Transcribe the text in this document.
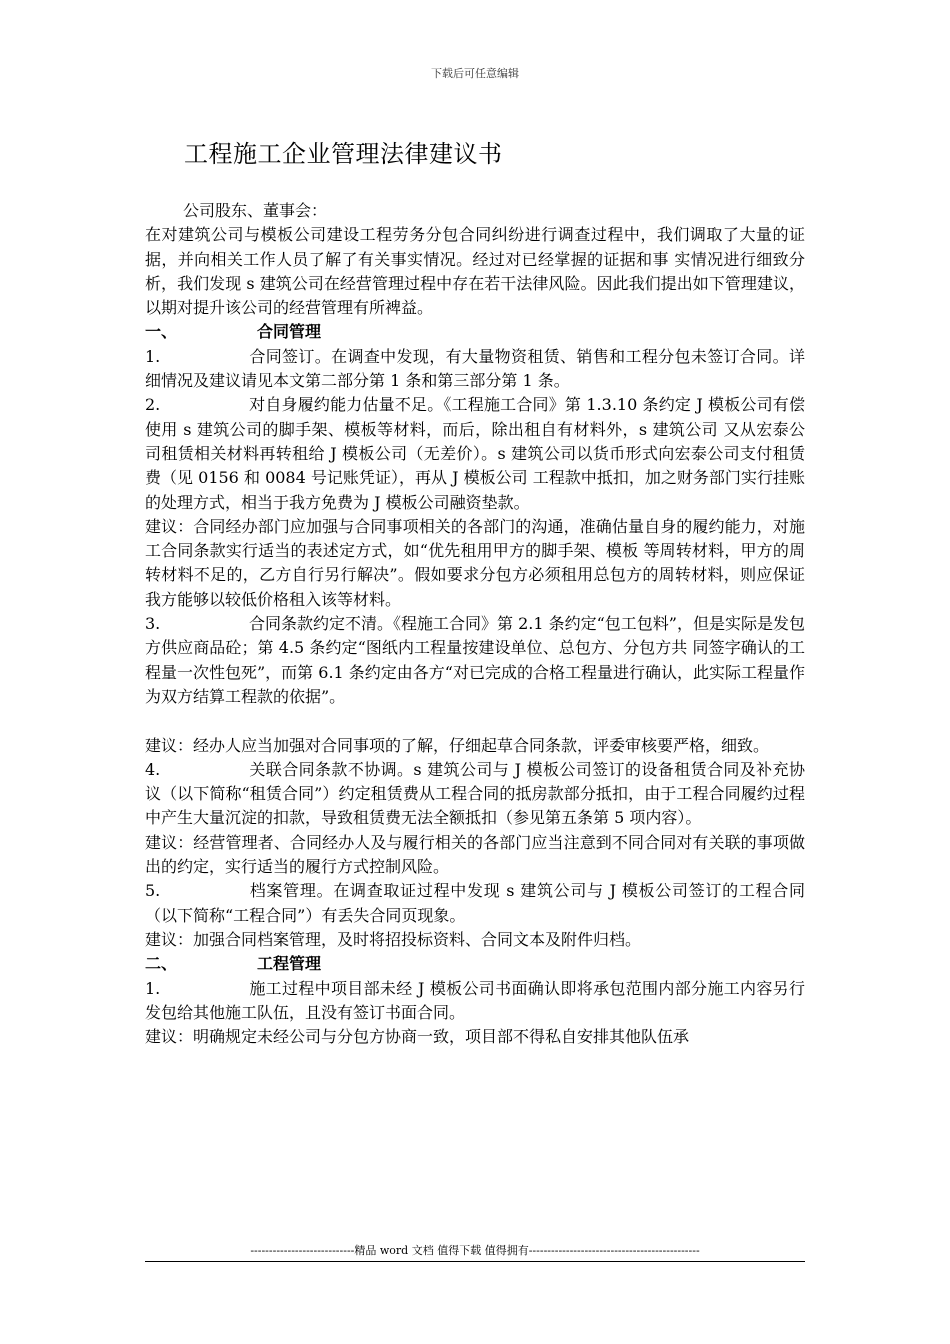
下载后可任意编辑
工程施工企业管理法律建议书

公司股东、董事会：

在对建筑公司与模板公司建设工程劳务分包合同纠纷进行调查过程中，我们调取了大量的证据，并向相关工作人员了解了有关事实情况。经过对已经掌握的证据和事 实情况进行细致分析，我们发现 s 建筑公司在经营管理过程中存在若干法律风险。因此我们提出如下管理建议，以期对提升该公司的经营管理有所裨益。

一、	合同管理

1.	合同签订。在调查中发现，有大量物资租赁、销售和工程分包未签订合同。详细情况及建议请见本文第二部分第 1 条和第三部分第 1 条。

2.	对自身履约能力估量不足。《工程施工合同》第 1.3.10 条约定 J 模板公司有偿使用 s 建筑公司的脚手架、模板等材料，而后，除出租自有材料外，s 建筑公司 又从宏泰公司租赁相关材料再转租给 J 模板公司（无差价）。s 建筑公司以货币形式向宏泰公司支付租赁费（见 0156 和 0084 号记账凭证），再从 J 模板公司 工程款中抵扣，加之财务部门实行挂账的处理方式，相当于我方免费为 J 模板公司融资垫款。

建议：合同经办部门应加强与合同事项相关的各部门的沟通，准确估量自身的履约能力，对施工合同条款实行适当的表述定方式，如“优先租用甲方的脚手架、模板 等周转材料，甲方的周转材料不足的，乙方自行另行解决”。假如要求分包方必须租用总包方的周转材料，则应保证我方能够以较低价格租入该等材料。

3.	合同条款约定不清。《程施工合同》第 2.1 条约定“包工包料”，但是实际是发包方供应商品砼；第 4.5 条约定“图纸内工程量按建设单位、总包方、分包方共 同签字确认的工程量一次性包死”，而第 6.1 条约定由各方“对已完成的合格工程量进行确认，此实际工程量作为双方结算工程款的依据”。

建议：经办人应当加强对合同事项的了解，仔细起草合同条款，评委审核要严格，细致。

4.	关联合同条款不协调。s 建筑公司与 J 模板公司签订的设备租赁合同及补充协议（以下简称“租赁合同”）约定租赁费从工程合同的抵房款部分抵扣，由于工程合同履约过程中产生大量沉淀的扣款，导致租赁费无法全额抵扣（参见第五条第 5 项内容）。

建议：经营管理者、合同经办人及与履行相关的各部门应当注意到不同合同对有关联的事项做出的约定，实行适当的履行方式控制风险。

5.	档案管理。在调查取证过程中发现 s 建筑公司与 J 模板公司签订的工程合同（以下简称“工程合同”）有丢失合同页现象。

建议：加强合同档案管理，及时将招投标资料、合同文本及附件归档。

二、	工程管理

1.	施工过程中项目部未经 J 模板公司书面确认即将承包范围内部分施工内容另行发包给其他施工队伍，且没有签订书面合同。

建议：明确规定未经公司与分包方协商一致，项目部不得私自安排其他队伍承

----------------------------精品 word 文档 值得下载 值得拥有----------------------------------------------
